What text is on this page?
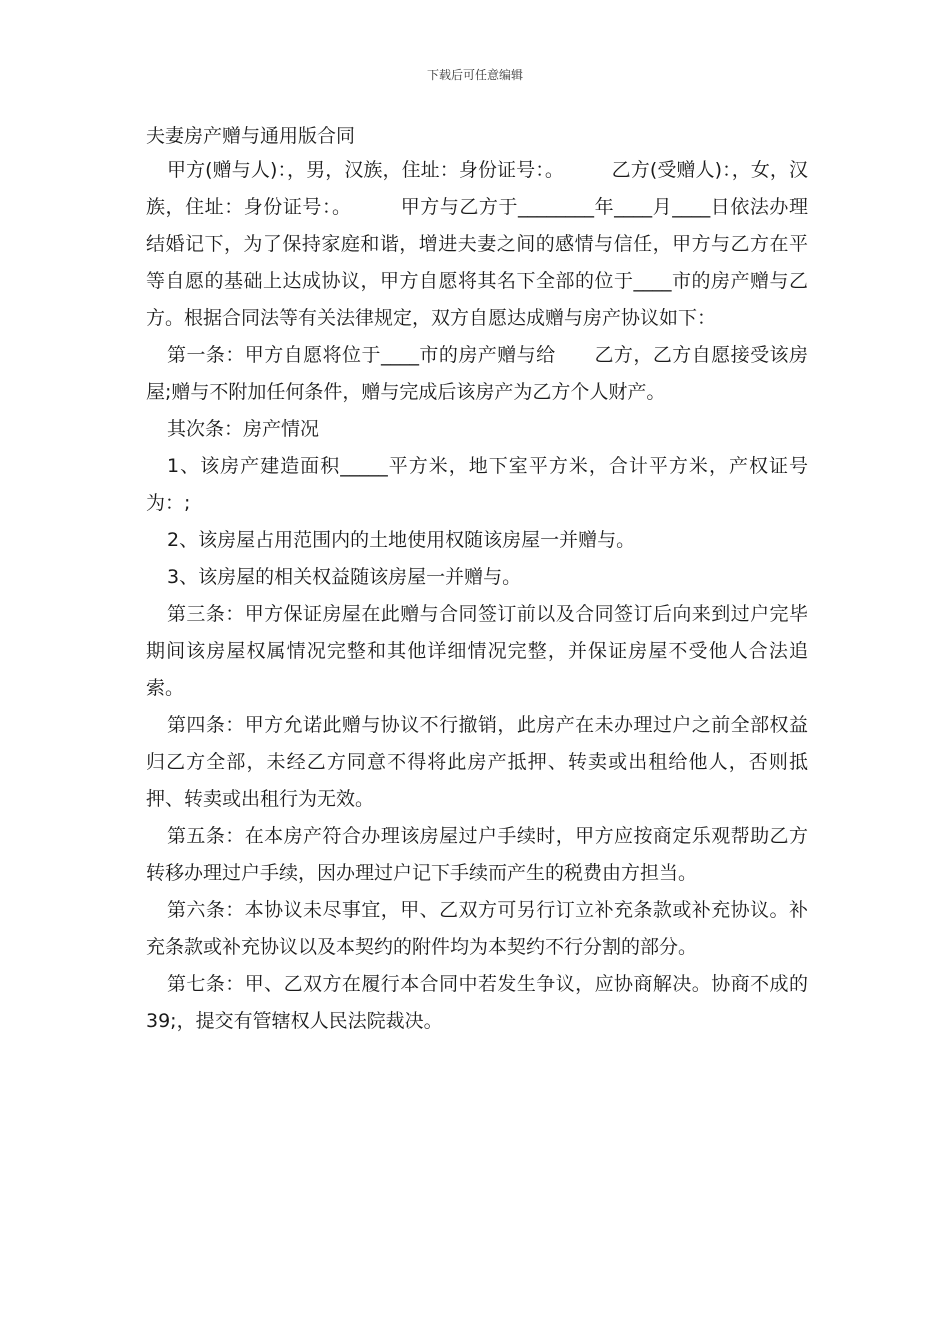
下载后可任意编辑
夫妻房产赠与通用版合同

甲方(赠与人)：，男，汉族，住址：身份证号：。　　　乙方(受赠人)：，女，汉族，住址：身份证号：。　　　甲方与乙方于________年____月____日依法办理结婚记下，为了保持家庭和谐，增进夫妻之间的感情与信任，甲方与乙方在平等自愿的基础上达成协议，甲方自愿将其名下全部的位于____市的房产赠与乙方。根据合同法等有关法律规定，双方自愿达成赠与房产协议如下：

第一条：甲方自愿将位于____市的房产赠与给　　乙方，乙方自愿接受该房屋;赠与不附加任何条件，赠与完成后该房产为乙方个人财产。

其次条：房产情况

1、该房产建造面积_____平方米，地下室平方米，合计平方米，产权证号为：;

2、该房屋占用范围内的土地使用权随该房屋一并赠与。

3、该房屋的相关权益随该房屋一并赠与。

第三条：甲方保证房屋在此赠与合同签订前以及合同签订后向来到过户完毕期间该房屋权属情况完整和其他详细情况完整，并保证房屋不受他人合法追索。

第四条：甲方允诺此赠与协议不行撤销，此房产在未办理过户之前全部权益归乙方全部，未经乙方同意不得将此房产抵押、转卖或出租给他人，否则抵押、转卖或出租行为无效。

第五条：在本房产符合办理该房屋过户手续时，甲方应按商定乐观帮助乙方转移办理过户手续，因办理过户记下手续而产生的税费由方担当。

第六条：本协议未尽事宜，甲、乙双方可另行订立补充条款或补充协议。补充条款或补充协议以及本契约的附件均为本契约不行分割的部分。

第七条：甲、乙双方在履行本合同中若发生争议，应协商解决。协商不成的39;，提交有管辖权人民法院裁决。
